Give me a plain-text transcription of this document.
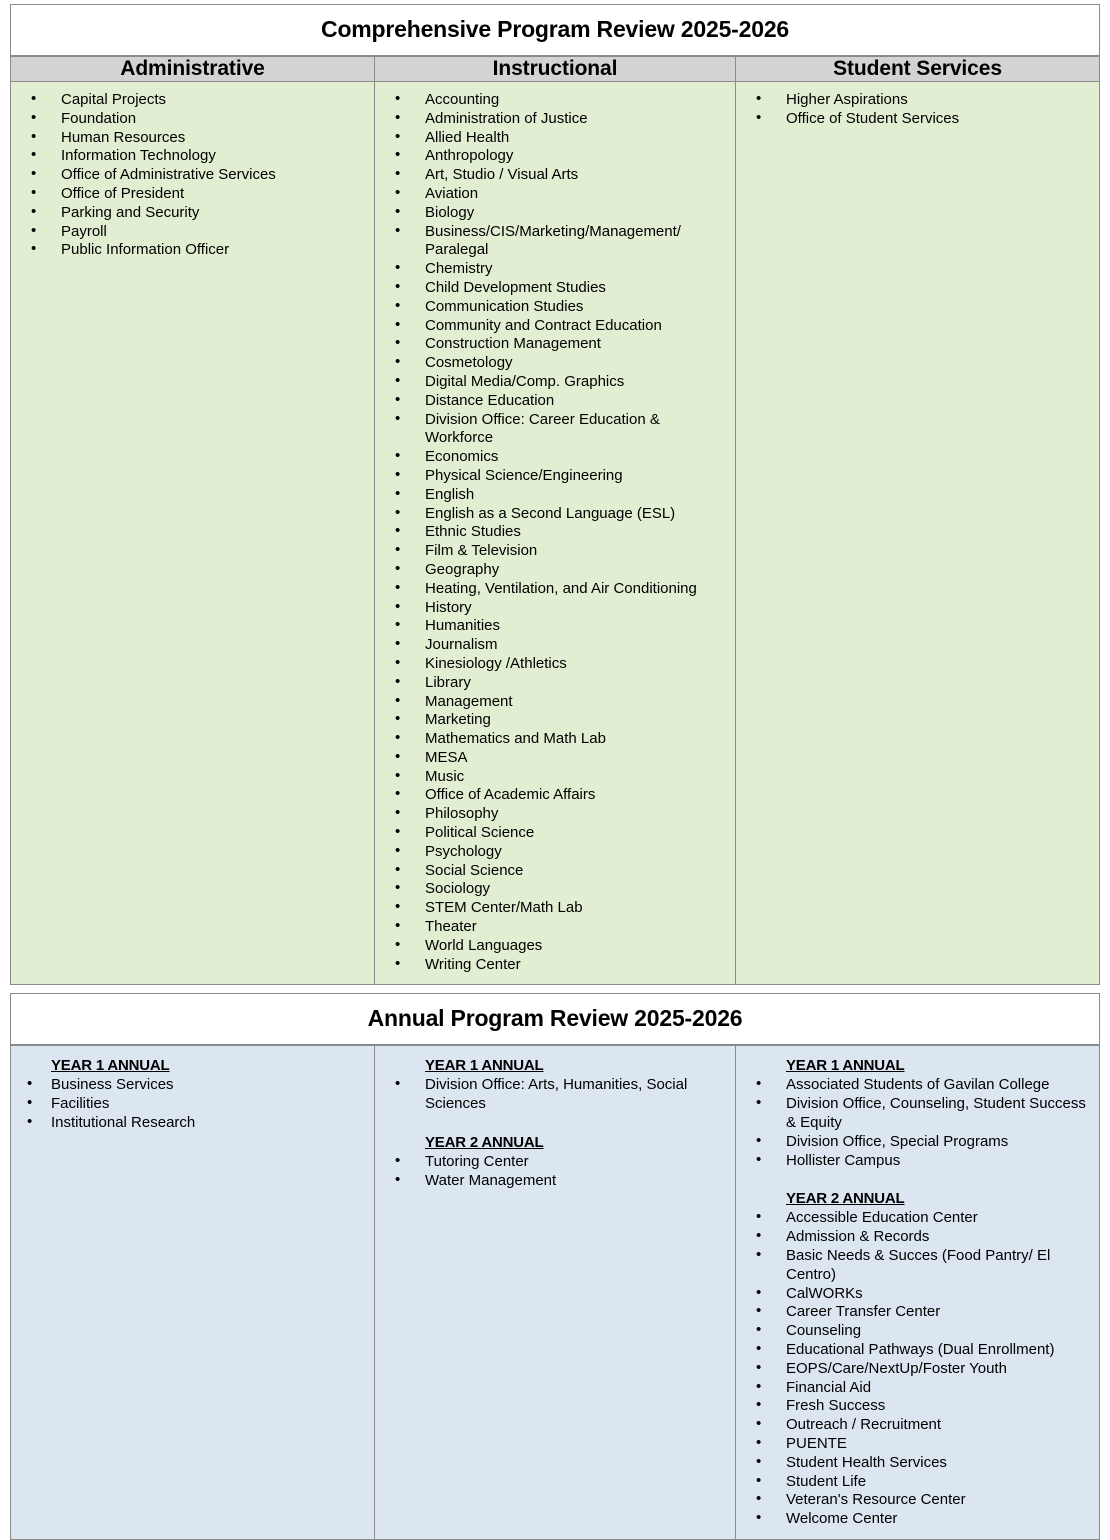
Comprehensive Program Review 2025-2026		

Administrative	Instructional	Student Services

• Capital Projects
• Foundation
• Human Resources
• Information Technology
• Office of Administrative Services
• Office of President
• Parking and Security
• Payroll
• Public Information Officer

• Accounting
• Administration of Justice
• Allied Health
• Anthropology
• Art, Studio / Visual Arts
• Aviation
• Biology
• Business/CIS/Marketing/Management/ Paralegal
• Chemistry
• Child Development Studies
• Communication Studies
• Community and Contract Education
• Construction Management
• Cosmetology
• Digital Media/Comp. Graphics
• Distance Education
• Division Office: Career Education & Workforce
• Economics
• Physical Science/Engineering
• English
• English as a Second Language (ESL)
• Ethnic Studies
• Film & Television
• Geography
• Heating, Ventilation, and Air Conditioning
• History
• Humanities
• Journalism
• Kinesiology /Athletics
• Library
• Management
• Marketing
• Mathematics and Math Lab
• MESA
• Music
• Office of Academic Affairs
• Philosophy
• Political Science
• Psychology
• Social Science
• Sociology
• STEM Center/Math Lab
• Theater
• World Languages
• Writing Center

• Higher Aspirations
• Office of Student Services
Annual Program Review 2025-2026

YEAR 1 ANNUAL
• Business Services
• Facilities
• Institutional Research

YEAR 1 ANNUAL
• Division Office: Arts, Humanities, Social Sciences
YEAR 2 ANNUAL
• Tutoring Center
• Water Management

YEAR 1 ANNUAL
• Associated Students of Gavilan College
• Division Office, Counseling, Student Success & Equity
• Division Office, Special Programs
• Hollister Campus
YEAR 2 ANNUAL
• Accessible Education Center
• Admission & Records
• Basic Needs & Succes (Food Pantry/ El Centro)
• CalWORKs
• Career Transfer Center
• Counseling
• Educational Pathways (Dual Enrollment)
• EOPS/Care/NextUp/Foster Youth
• Financial Aid
• Fresh Success
• Outreach / Recruitment
• PUENTE
• Student Health Services
• Student Life
• Veteran's Resource Center
• Welcome Center
